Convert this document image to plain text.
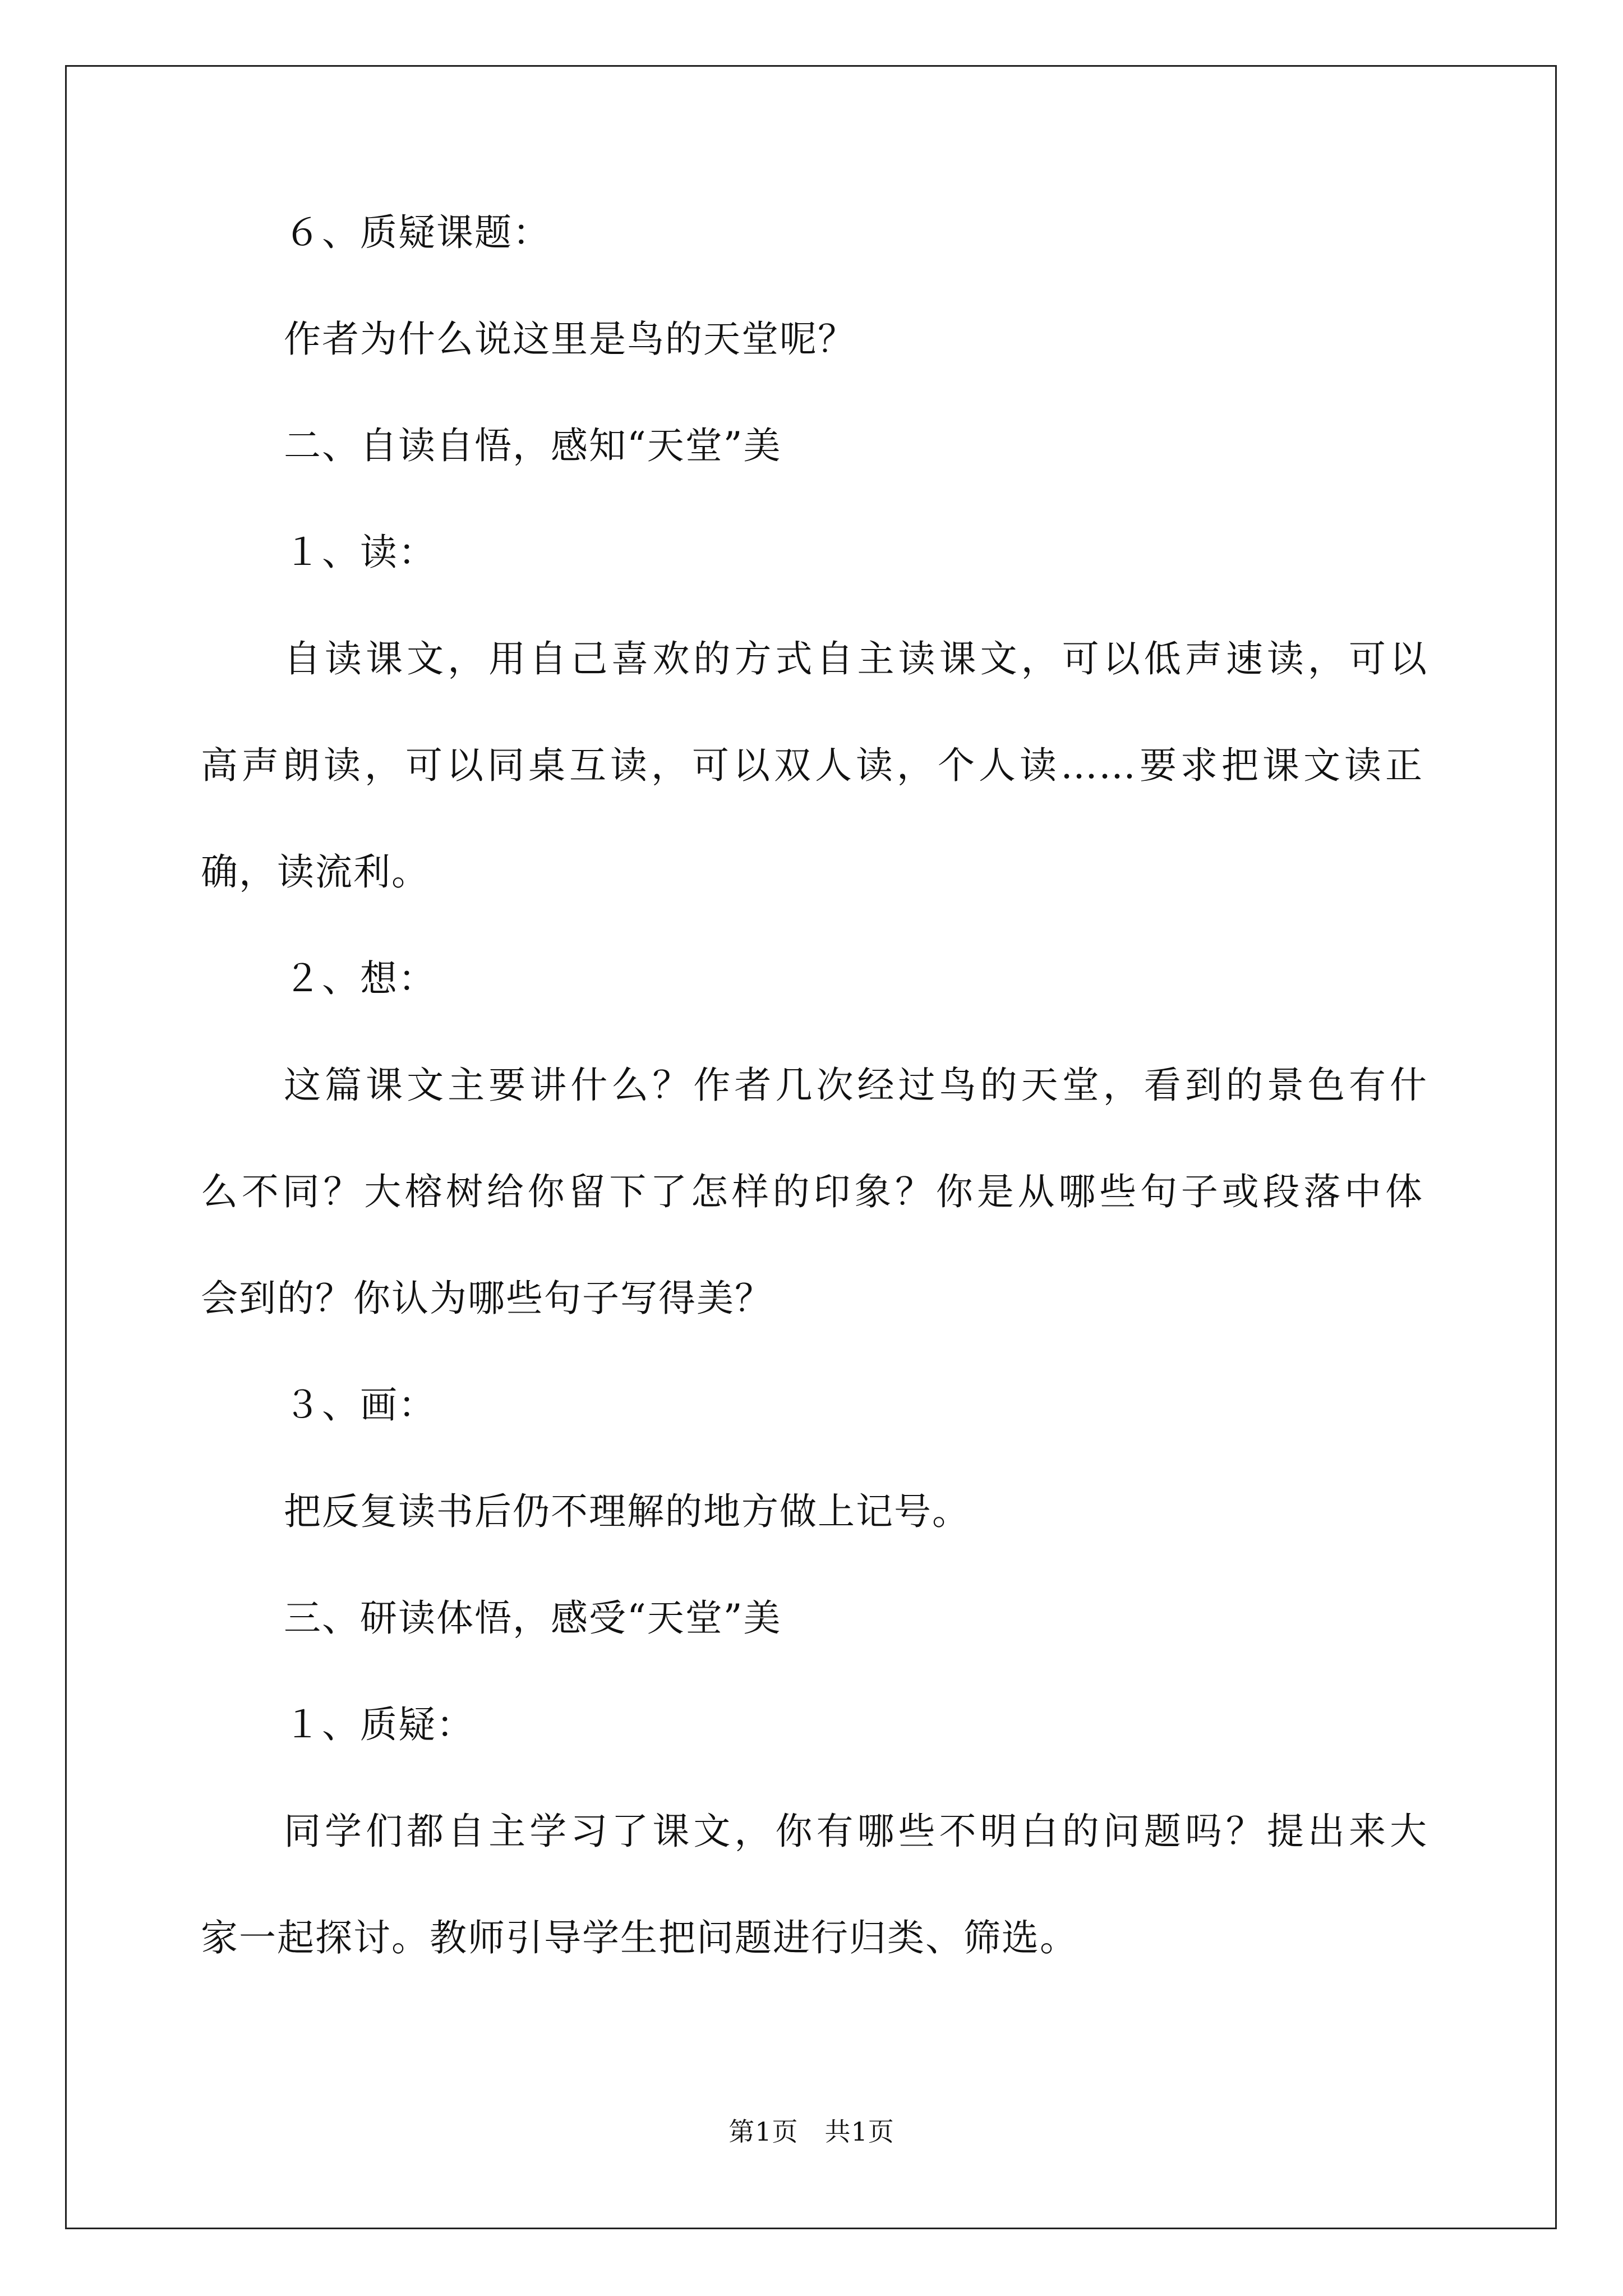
６、质疑课题：
作者为什么说这里是鸟的天堂呢？
二、自读自悟，感知“天堂”美
１、读：
自读课文，用自己喜欢的方式自主读课文，可以低声速读，可以
高声朗读，可以同桌互读，可以双人读，个人读……要求把课文读正
确，读流利。
２、想：
这篇课文主要讲什么？作者几次经过鸟的天堂，看到的景色有什
么不同？大榕树给你留下了怎样的印象？你是从哪些句子或段落中体
会到的？你认为哪些句子写得美？
３、画：
把反复读书后仍不理解的地方做上记号。
三、研读体悟，感受“天堂”美
１、质疑：
同学们都自主学习了课文，你有哪些不明白的问题吗？提出来大
家一起探讨。教师引导学生把问题进行归类、筛选。
第1页　共1页
